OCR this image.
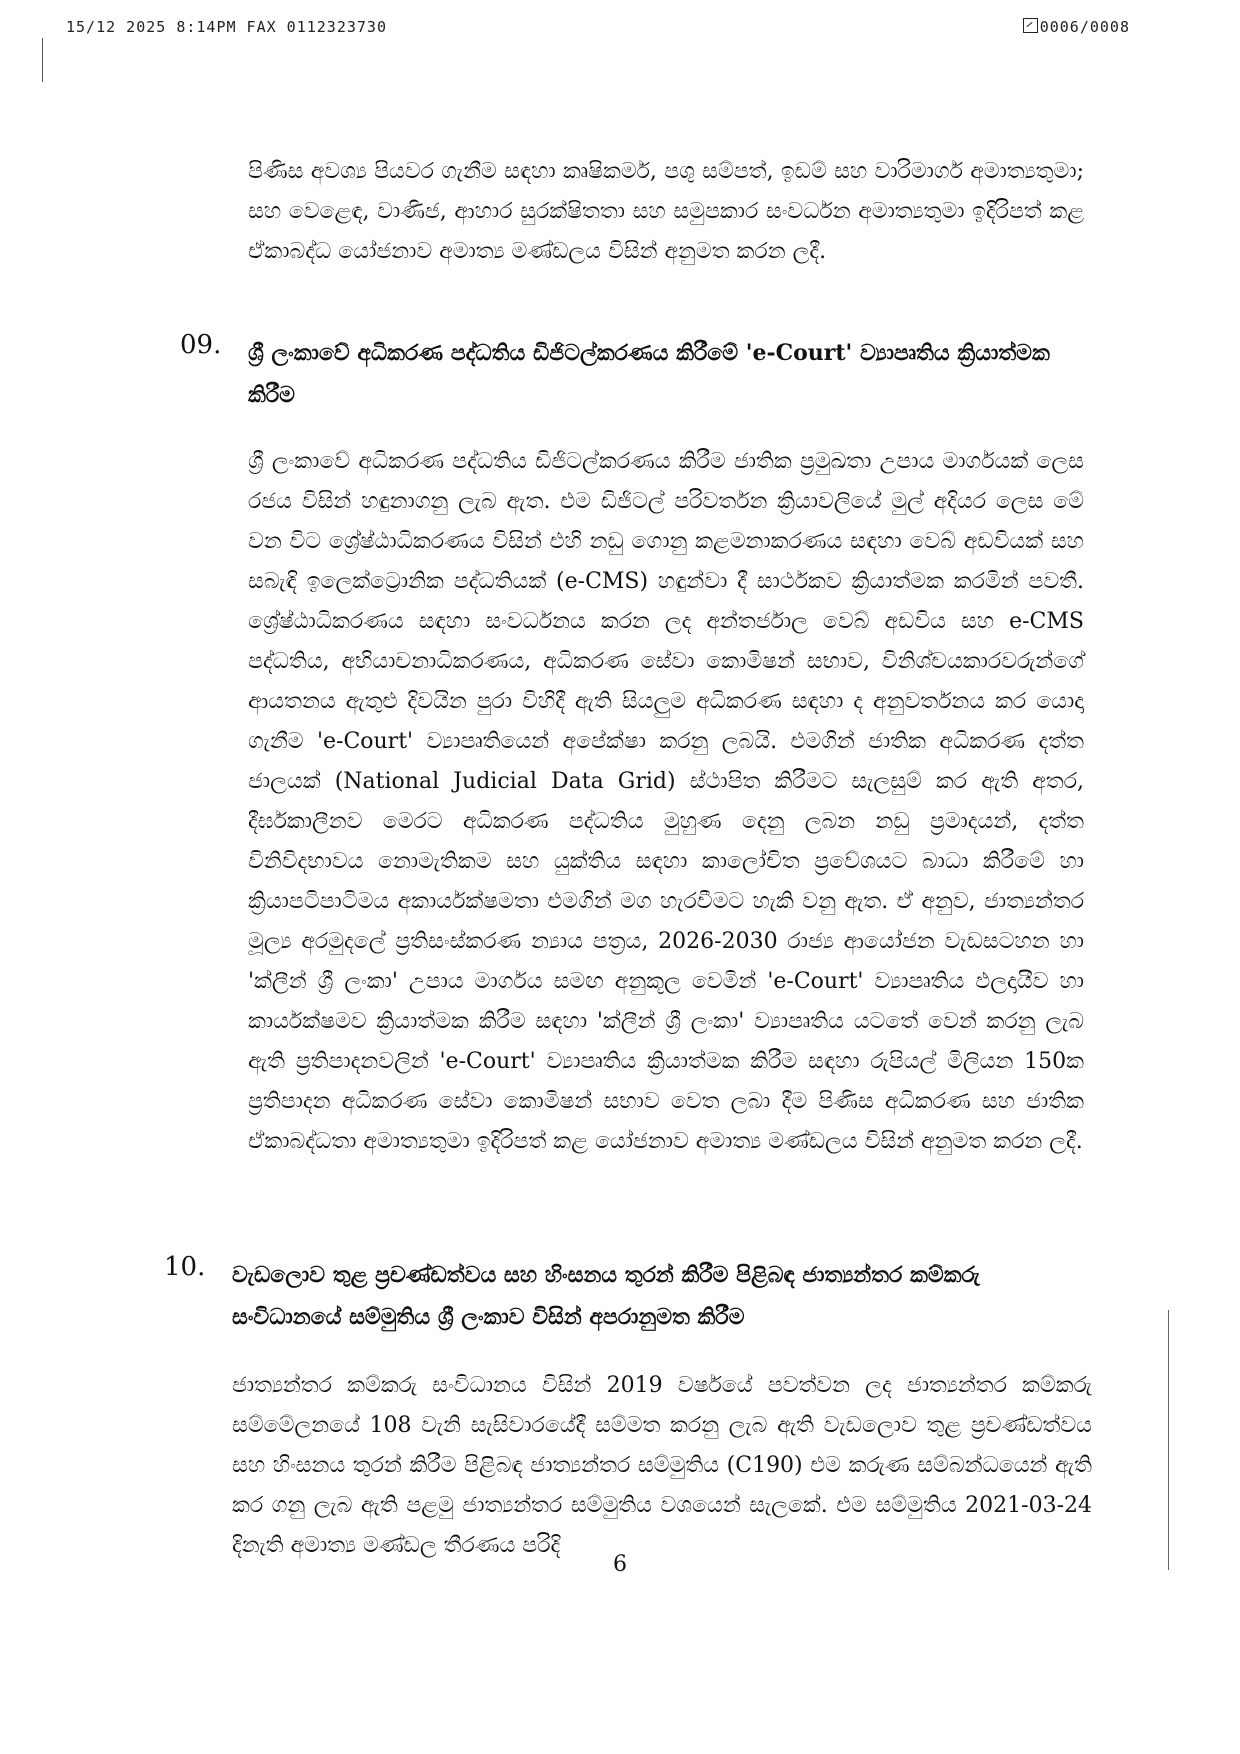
15/12 2025 8:14PM FAX 0112323730	0006/0008

පිණිස අවශ්‍ය පියවර ගැනීම සඳහා කෘෂිකර්ම, පශු සම්පත්, ඉඩම් සහ වාරිමාර්ග අමාත්‍යතුමා; සහ වෙළෙඳ, වාණිජ, ආහාර සුරක්ෂිතතා සහ සමුපකාර සංවර්ධන අමාත්‍යතුමා ඉදිරිපත් කළ ඒකාබද්ධ යෝජනාව අමාත්‍ය මණ්ඩලය විසින් අනුමත කරන ලදී.

09. ශ්‍රී ලංකාවේ අධිකරණ පද්ධතිය ඩිජිටල්කරණය කිරීමේ 'e-Court' ව්‍යාපෘතිය ක්‍රියාත්මක කිරීම

ශ්‍රී ලංකාවේ අධිකරණ පද්ධතිය ඩිජිටල්කරණය කිරීම ජාතික ප්‍රමුඛතා උපාය මාර්ගයක් ලෙස රජය විසින් හඳුනාගනු ලැබ ඇත. එම ඩිජිටල් පරිවර්තන ක්‍රියාවලියේ මුල් අදියර ලෙස මේ වන විට ශ්‍රේෂ්ඨාධිකරණය විසින් එහි නඩු ගොනු කළමනාකරණය සඳහා වෙබ් අඩවියක් සහ සබැඳි ඉලෙක්ට්‍රොනික පද්ධතියක් (e-CMS) හඳුන්වා දී සාර්ථකව ක්‍රියාත්මක කරමින් පවතී. ශ්‍රේෂ්ඨාධිකරණය සඳහා සංවර්ධනය කරන ලද අන්තර්ජාල වෙබ් අඩවිය සහ e-CMS පද්ධතිය, අභියාචනාධිකරණය, අධිකරණ සේවා කොමිෂන් සභාව, විනිශ්චයකාරවරුන්ගේ ආයතනය ඇතුළු දිවයින පුරා විහිදී ඇති සියලුම අධිකරණ සඳහා ද අනුවර්තනය කර යොදා ගැනීම 'e-Court' ව්‍යාපෘතියෙන් අපේක්ෂා කරනු ලබයි. එමගින් ජාතික අධිකරණ දත්ත ජාලයක් (National Judicial Data Grid) ස්ථාපිත කිරීමට සැලසුම් කර ඇති අතර, දීර්ඝකාලීනව මෙරට අධිකරණ පද්ධතිය මුහුණ දෙනු ලබන නඩු ප්‍රමාදයන්, දත්ත විනිවිදභාවය නොමැතිකම සහ යුක්තිය සඳහා කාලෝචිත ප්‍රවේශයට බාධා කිරීමේ හා ක්‍රියාපටිපාටිමය අකාර්යක්ෂමතා එමගින් මග හැරවීමට හැකි වනු ඇත. ඒ අනුව, ජාත්‍යන්තර මූල්‍ය අරමුදලේ ප්‍රතිසංස්කරණ න්‍යාය පත්‍රය, 2026-2030 රාජ්‍ය ආයෝජන වැඩසටහන හා 'ක්ලීන් ශ්‍රී ලංකා' උපාය මාර්ගය සමඟ අනුකූල වෙමින් 'e-Court' ව්‍යාපෘතිය ඵලදායීව හා කාර්යක්ෂමව ක්‍රියාත්මක කිරීම සඳහා 'ක්ලීන් ශ්‍රී ලංකා' ව්‍යාපෘතිය යටතේ වෙන් කරනු ලැබ ඇති ප්‍රතිපාදනවලින් 'e-Court' ව්‍යාපෘතිය ක්‍රියාත්මක කිරීම සඳහා රුපියල් මිලියන 150ක ප්‍රතිපාදන අධිකරණ සේවා කොමිෂන් සභාව වෙත ලබා දීම පිණිස අධිකරණ සහ ජාතික ඒකාබද්ධතා අමාත්‍යතුමා ඉදිරිපත් කළ යෝජනාව අමාත්‍ය මණ්ඩලය විසින් අනුමත කරන ලදී.

10. වැඩලොව තුළ ප්‍රචණ්ඩත්වය සහ හිංසනය තුරන් කිරීම පිළිබඳ ජාත්‍යන්තර කම්කරු සංවිධානයේ සම්මුතිය ශ්‍රී ලංකාව විසින් අපරානුමත කිරීම

ජාත්‍යන්තර කම්කරු සංවිධානය විසින් 2019 වර්ෂයේ පවත්වන ලද ජාත්‍යන්තර කම්කරු සම්මේලනයේ 108 වැනි සැසිවාරයේදී සම්මත කරනු ලැබ ඇති වැඩලොව තුළ ප්‍රචණ්ඩත්වය සහ හිංසනය තුරන් කිරීම පිළිබඳ ජාත්‍යන්තර සම්මුතිය (C190) එම කරුණ සම්බන්ධයෙන් ඇති කර ගනු ලැබ ඇති පළමු ජාත්‍යන්තර සම්මුතිය වශයෙන් සැලකේ. එම සම්මුතිය 2021-03-24 දිනැති අමාත්‍ය මණ්ඩල තීරණය පරිදි

6
